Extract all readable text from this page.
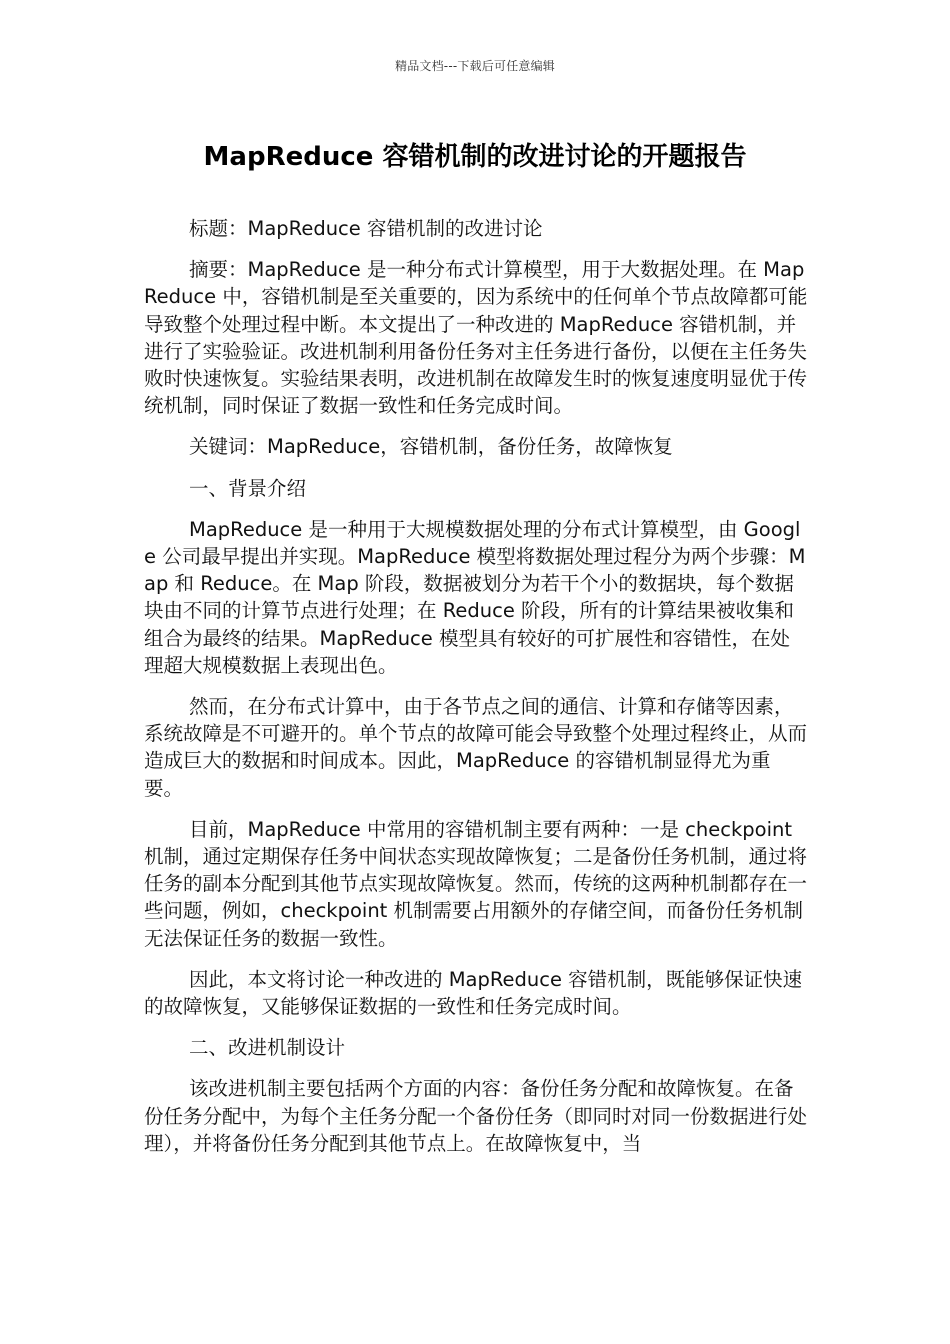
精品文档---下载后可任意编辑
MapReduce 容错机制的改进讨论的开题报告

标题：MapReduce 容错机制的改进讨论

摘要：MapReduce 是一种分布式计算模型，用于大数据处理。在 MapReduce 中，容错机制是至关重要的，因为系统中的任何单个节点故障都可能导致整个处理过程中断。本文提出了一种改进的 MapReduce 容错机制，并进行了实验验证。改进机制利用备份任务对主任务进行备份，以便在主任务失败时快速恢复。实验结果表明，改进机制在故障发生时的恢复速度明显优于传统机制，同时保证了数据一致性和任务完成时间。

关键词：MapReduce，容错机制，备份任务，故障恢复

一、背景介绍

MapReduce 是一种用于大规模数据处理的分布式计算模型，由 Google 公司最早提出并实现。MapReduce 模型将数据处理过程分为两个步骤：Map 和 Reduce。在 Map 阶段，数据被划分为若干个小的数据块，每个数据块由不同的计算节点进行处理；在 Reduce 阶段，所有的计算结果被收集和组合为最终的结果。MapReduce 模型具有较好的可扩展性和容错性，在处理超大规模数据上表现出色。

然而，在分布式计算中，由于各节点之间的通信、计算和存储等因素，系统故障是不可避开的。单个节点的故障可能会导致整个处理过程终止，从而造成巨大的数据和时间成本。因此，MapReduce 的容错机制显得尤为重要。

目前，MapReduce 中常用的容错机制主要有两种：一是 checkpoint 机制，通过定期保存任务中间状态实现故障恢复；二是备份任务机制，通过将任务的副本分配到其他节点实现故障恢复。然而，传统的这两种机制都存在一些问题，例如，checkpoint 机制需要占用额外的存储空间，而备份任务机制无法保证任务的数据一致性。

因此，本文将讨论一种改进的 MapReduce 容错机制，既能够保证快速的故障恢复，又能够保证数据的一致性和任务完成时间。

二、改进机制设计

该改进机制主要包括两个方面的内容：备份任务分配和故障恢复。在备份任务分配中，为每个主任务分配一个备份任务（即同时对同一份数据进行处理），并将备份任务分配到其他节点上。在故障恢复中，当
